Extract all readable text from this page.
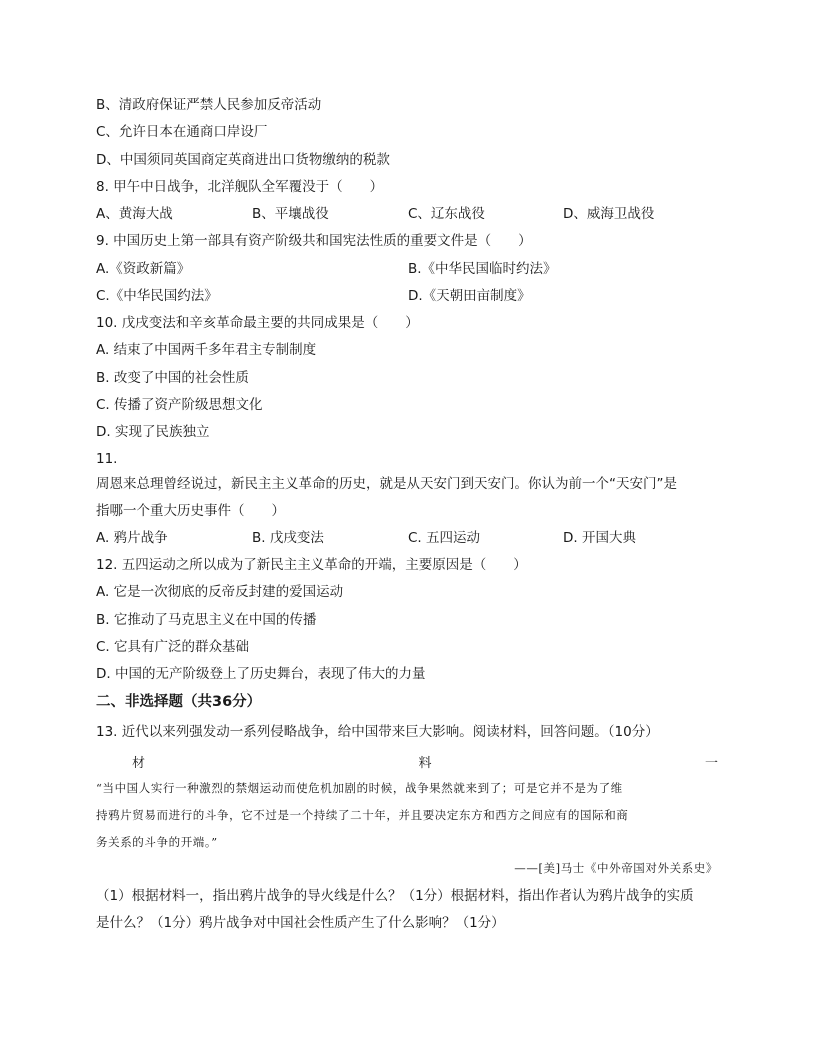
B、清政府保证严禁人民参加反帝活动
C、允许日本在通商口岸设厂
D、中国须同英国商定英商进出口货物缴纳的税款
8. 甲午中日战争，北洋舰队全军覆没于（　　）
A、黄海大战	B、平壤战役	C、辽东战役	D、威海卫战役
9. 中国历史上第一部具有资产阶级共和国宪法性质的重要文件是（　　）
A.《资政新篇》	B.《中华民国临时约法》
C.《中华民国约法》	D.《天朝田亩制度》
10. 戊戌变法和辛亥革命最主要的共同成果是（　　）
A. 结束了中国两千多年君主专制制度
B. 改变了中国的社会性质
C. 传播了资产阶级思想文化
D. 实现了民族独立
11.
周恩来总理曾经说过，新民主主义革命的历史，就是从天安门到天安门。你认为前一个“天安门”是
指哪一个重大历史事件（　　）
A. 鸦片战争	B. 戊戌变法	C. 五四运动	D. 开国大典
12. 五四运动之所以成为了新民主主义革命的开端，主要原因是（　　）
A. 它是一次彻底的反帝反封建的爱国运动
B. 它推动了马克思主义在中国的传播
C. 它具有广泛的群众基础
D. 中国的无产阶级登上了历史舞台，表现了伟大的力量
二、非选择题（共36分）
13. 近代以来列强发动一系列侵略战争，给中国带来巨大影响。阅读材料，回答问题。（10分）
材	料	一
“当中国人实行一种激烈的禁烟运动而使危机加剧的时候，战争果然就来到了；可是它并不是为了维
持鸦片贸易而进行的斗争，它不过是一个持续了二十年，并且要决定东方和西方之间应有的国际和商
务关系的斗争的开端。”
——[美]马士《中外帝国对外关系史》
（1）根据材料一，指出鸦片战争的导火线是什么？（1分）根据材料，指出作者认为鸦片战争的实质
是什么？（1分）鸦片战争对中国社会性质产生了什么影响？（1分）
